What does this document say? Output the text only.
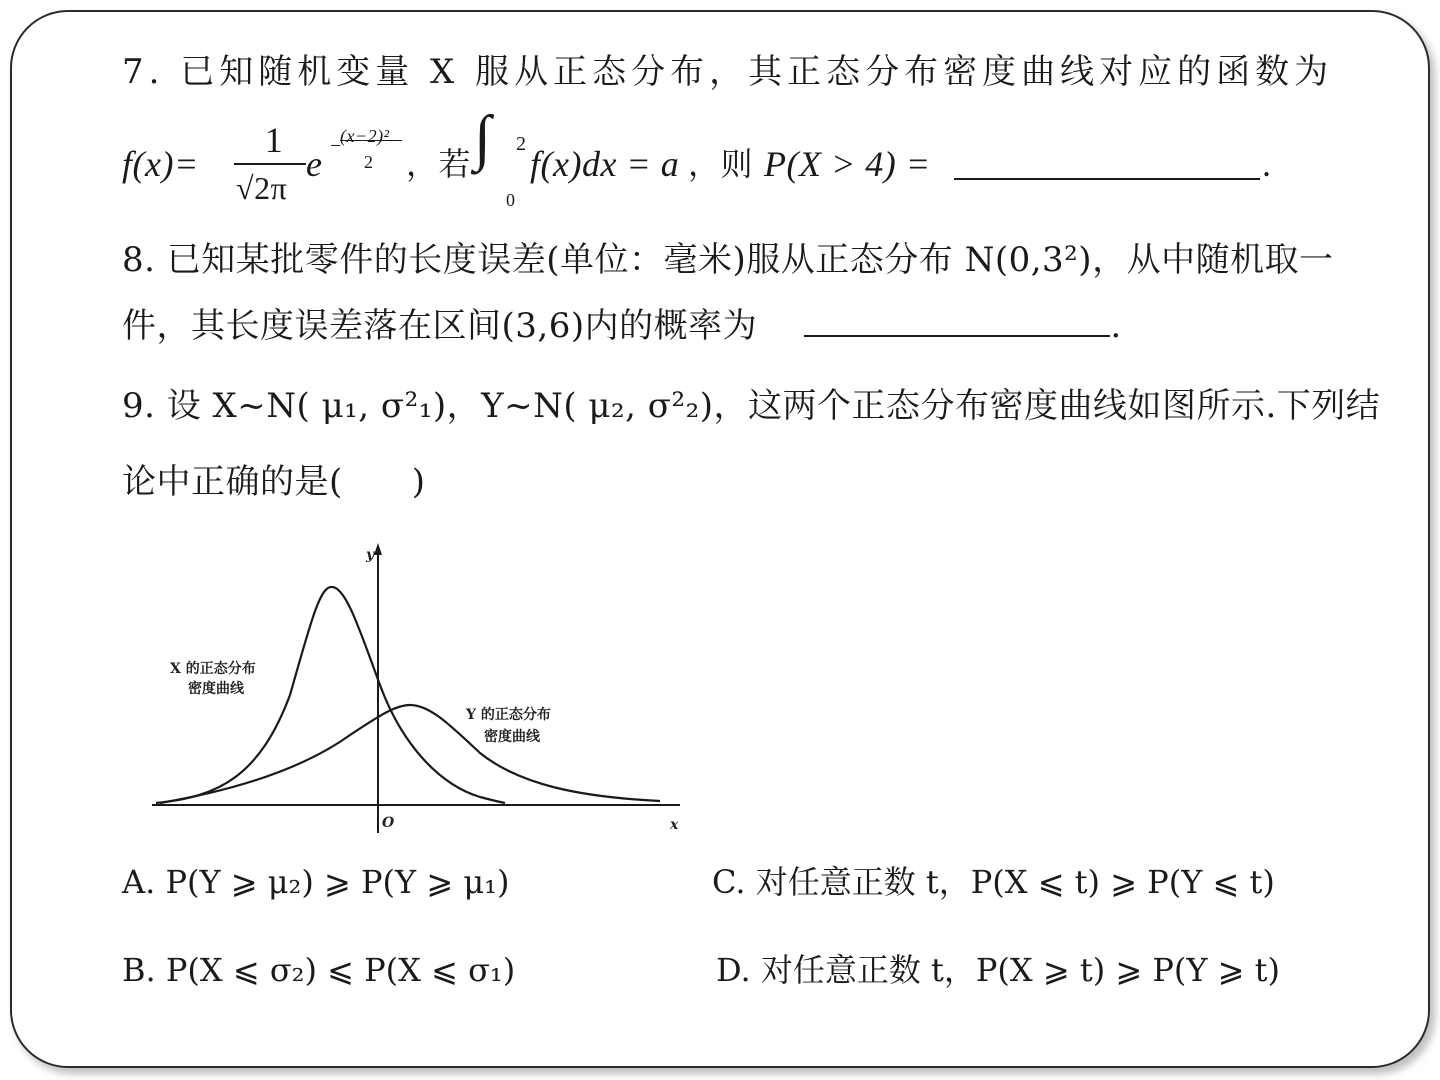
7. 已知随机变量 X 服从正态分布，其正态分布密度曲线对应的函数为
f(x)=
1
√2π
e −
(x−2)²
2 ，若 ∫ 2
0
f(x)dx = a ，则 P(X > 4) =	.
8. 已知某批零件的长度误差(单位：毫米)服从正态分布 N(0,3²)，从中随机取一
件，其长度误差落在区间(3,6)内的概率为	.
9. 设 X~N( μ₁, σ²₁)，Y~N( μ₂, σ²₂)，这两个正态分布密度曲线如图所示.下列结
论中正确的是(　　)
y
x
O
X 的正态分布
密度曲线
Y 的正态分布
密度曲线
A. P(Y ⩾ μ₂) ⩾ P(Y ⩾ μ₁)
B. P(X ⩽ σ₂) ⩽ P(X ⩽ σ₁)
C. 对任意正数 t，P(X ⩽ t) ⩾ P(Y ⩽ t)
D. 对任意正数 t，P(X ⩾ t) ⩾ P(Y ⩾ t)
